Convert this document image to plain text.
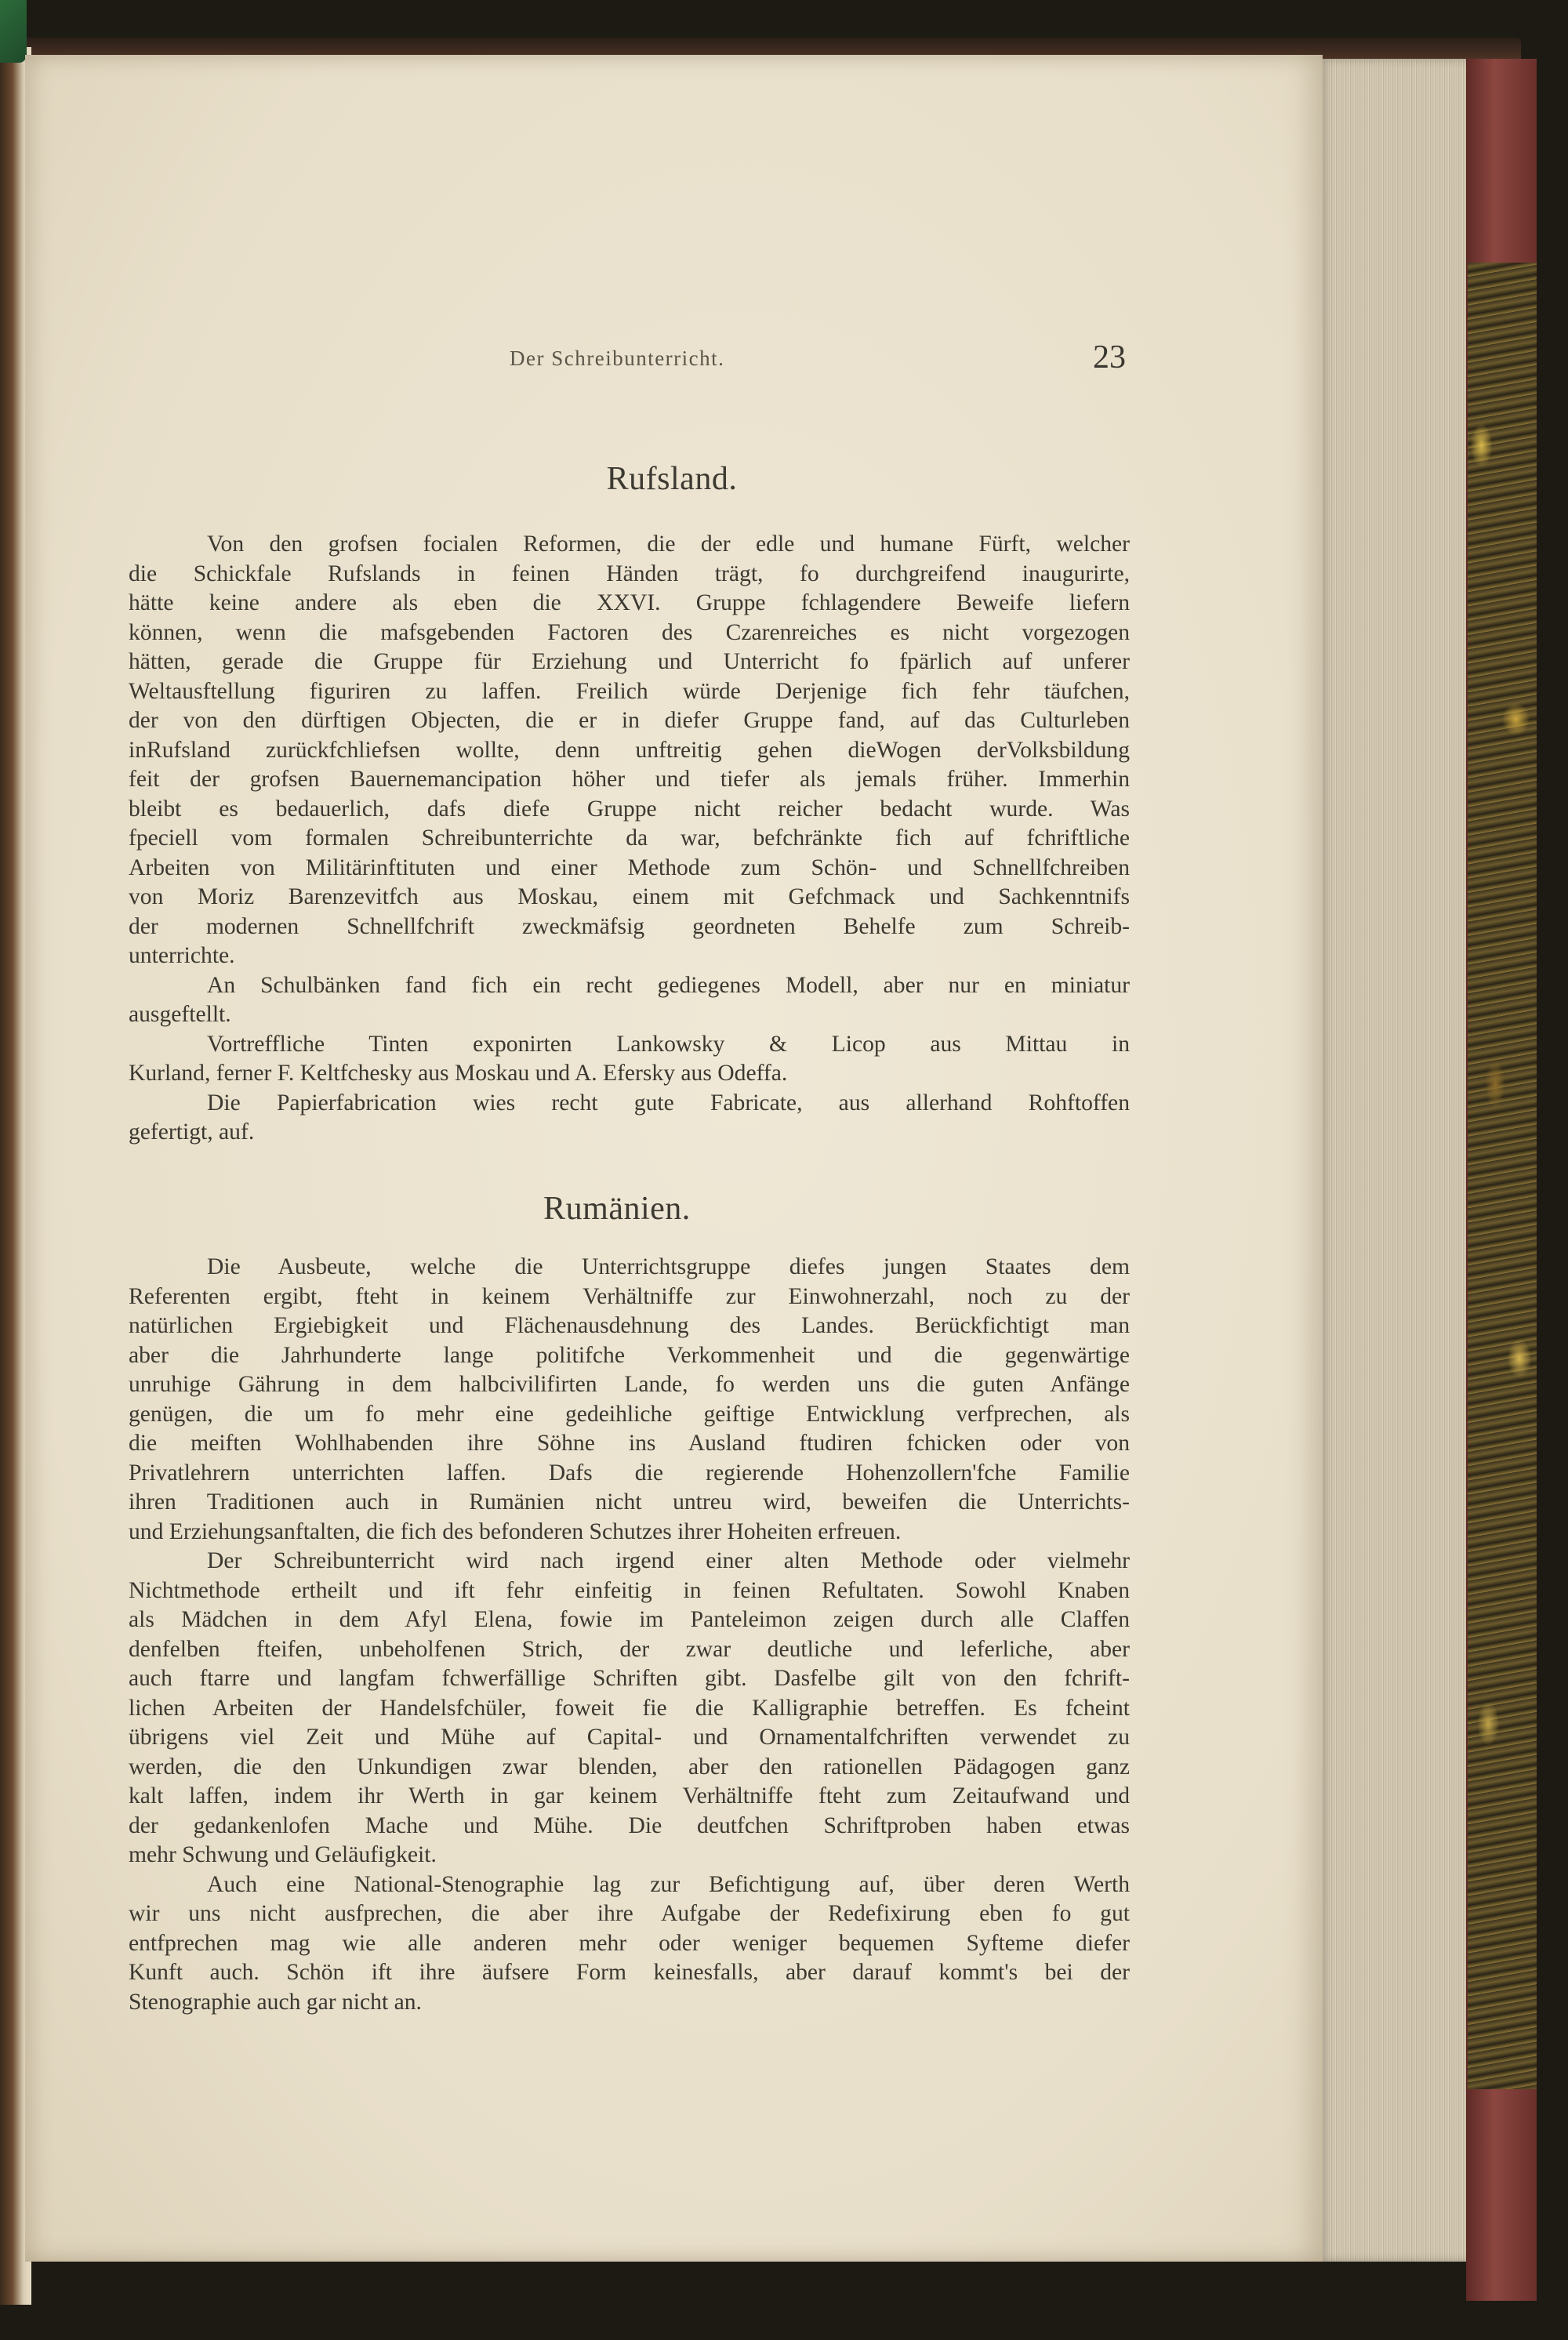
Der Schreibunterricht.	23
Rufsland.
Von den grofsen focialen Reformen, die der edle und humane Fürft, welcher
die Schickfale Rufslands in feinen Händen trägt, fo durchgreifend inaugurirte,
hätte keine andere als eben die XXVI. Gruppe fchlagendere Beweife liefern
können, wenn die mafsgebenden Factoren des Czarenreiches es nicht vorgezogen
hätten, gerade die Gruppe für Erziehung und Unterricht fo fpärlich auf unferer
Weltausftellung figuriren zu laffen. Freilich würde Derjenige fich fehr täufchen,
der von den dürftigen Objecten, die er in diefer Gruppe fand, auf das Culturleben
inRufsland zurückfchliefsen wollte, denn unftreitig gehen dieWogen derVolksbildung
feit der grofsen Bauernemancipation höher und tiefer als jemals früher. Immerhin
bleibt es bedauerlich, dafs diefe Gruppe nicht reicher bedacht wurde. Was
fpeciell vom formalen Schreibunterrichte da war, befchränkte fich auf fchriftliche
Arbeiten von Militärinftituten und einer Methode zum Schön- und Schnellfchreiben
von Moriz Barenzevitfch aus Moskau, einem mit Gefchmack und Sachkenntnifs
der modernen Schnellfchrift zweckmäfsig geordneten Behelfe zum Schreib-
unterrichte.
An Schulbänken fand fich ein recht gediegenes Modell, aber nur en miniatur
ausgeftellt.
Vortreffliche Tinten exponirten Lankowsky & Licop aus Mittau in
Kurland, ferner F. Keltfchesky aus Moskau und A. Efersky aus Odeffa.
Die Papierfabrication wies recht gute Fabricate, aus allerhand Rohftoffen
gefertigt, auf.
Rumänien.
Die Ausbeute, welche die Unterrichtsgruppe diefes jungen Staates dem
Referenten ergibt, fteht in keinem Verhältniffe zur Einwohnerzahl, noch zu der
natürlichen Ergiebigkeit und Flächenausdehnung des Landes. Berückfichtigt man
aber die Jahrhunderte lange politifche Verkommenheit und die gegenwärtige
unruhige Gährung in dem halbcivilifirten Lande, fo werden uns die guten Anfänge
genügen, die um fo mehr eine gedeihliche geiftige Entwicklung verfprechen, als
die meiften Wohlhabenden ihre Söhne ins Ausland ftudiren fchicken oder von
Privatlehrern unterrichten laffen. Dafs die regierende Hohenzollern'fche Familie
ihren Traditionen auch in Rumänien nicht untreu wird, beweifen die Unterrichts-
und Erziehungsanftalten, die fich des befonderen Schutzes ihrer Hoheiten erfreuen.
Der Schreibunterricht wird nach irgend einer alten Methode oder vielmehr
Nichtmethode ertheilt und ift fehr einfeitig in feinen Refultaten. Sowohl Knaben
als Mädchen in dem Afyl Elena, fowie im Panteleimon zeigen durch alle Claffen
denfelben fteifen, unbeholfenen Strich, der zwar deutliche und leferliche, aber
auch ftarre und langfam fchwerfällige Schriften gibt. Dasfelbe gilt von den fchrift-
lichen Arbeiten der Handelsfchüler, foweit fie die Kalligraphie betreffen. Es fcheint
übrigens viel Zeit und Mühe auf Capital- und Ornamentalfchriften verwendet zu
werden, die den Unkundigen zwar blenden, aber den rationellen Pädagogen ganz
kalt laffen, indem ihr Werth in gar keinem Verhältniffe fteht zum Zeitaufwand und
der gedankenlofen Mache und Mühe. Die deutfchen Schriftproben haben etwas
mehr Schwung und Geläufigkeit.
Auch eine National-Stenographie lag zur Befichtigung auf, über deren Werth
wir uns nicht ausfprechen, die aber ihre Aufgabe der Redefixirung eben fo gut
entfprechen mag wie alle anderen mehr oder weniger bequemen Syfteme diefer
Kunft auch. Schön ift ihre äufsere Form keinesfalls, aber darauf kommt's bei der
Stenographie auch gar nicht an.
